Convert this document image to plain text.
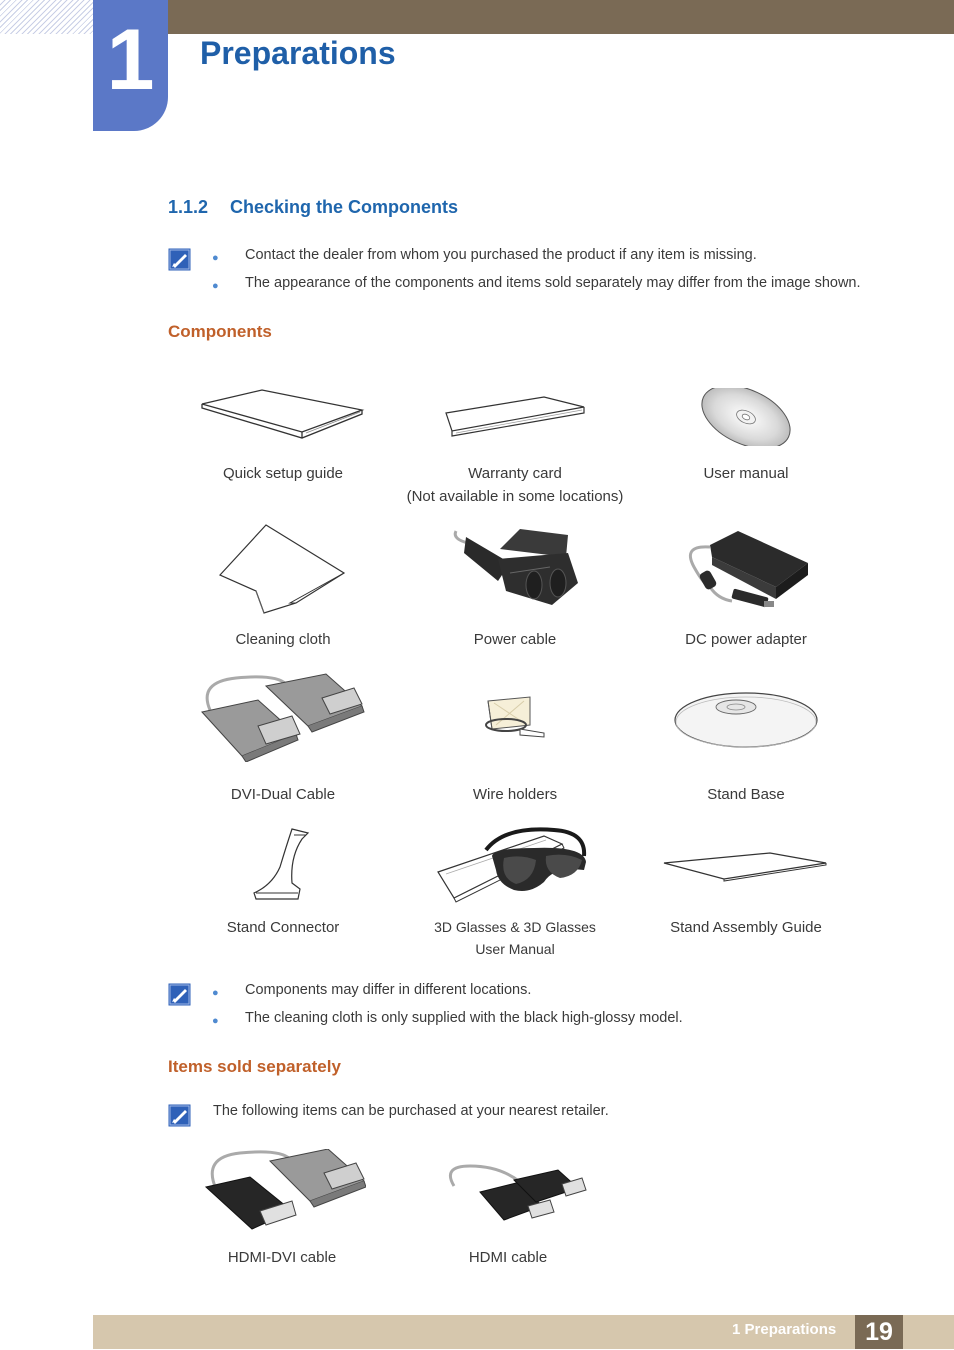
1	Preparations
1.1.2 Checking the Components
● Contact the dealer from whom you purchased the product if any item is missing.
● The appearance of the components and items sold separately may differ from the image shown.
Components
Quick setup guide	Warranty card
(Not available in some locations)
User manual
Cleaning cloth	Power cable	DC power adapter
DVI-Dual Cable	Wire holders	Stand Base
Stand Connector	3D Glasses & 3D Glasses
User Manual
Stand Assembly Guide
● Components may differ in different locations.
● The cleaning cloth is only supplied with the black high-glossy model.
Items sold separately
The following items can be purchased at your nearest retailer.
HDMI-DVI cable	HDMI cable
1 Preparations	19
